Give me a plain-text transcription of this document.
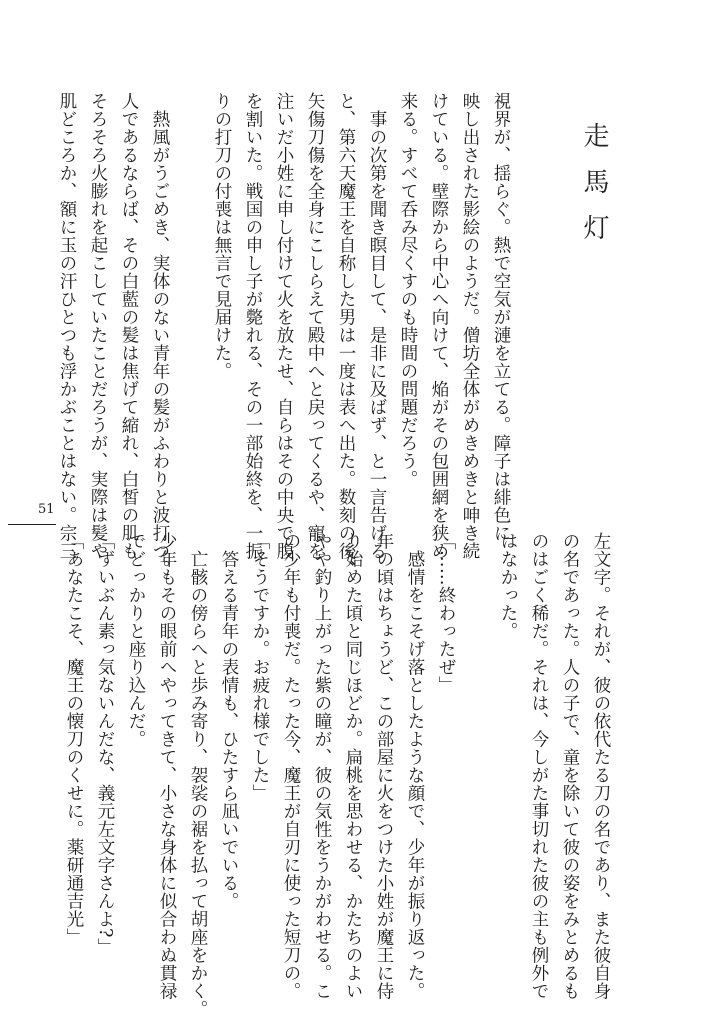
走馬灯

視界が、揺らぐ。熱で空気が漣を立てる。障子は緋色に

映し出された影絵のようだ。僧坊全体がめきめきと呻き続

けている。壁際から中心へ向けて、焔がその包囲網を狭め

来る。すべて呑み尽くすのも時間の問題だろう。

　事の次第を聞き瞑目して、是非に及ばず、と一言告げる

と、第六天魔王を自称した男は一度は表へ出た。数刻の後、

矢傷刀傷を全身にこしらえて殿中へと戻ってくるや、寵を

注いだ小姓に申し付けて火を放たせ、自らはその中央で腹

を割いた。戦国の申し子が斃れる、その一部始終を、一振

りの打刀の付喪は無言で見届けた。

　熱風がうごめき、実体のない青年の髪がふわりと波打つ。

人であるならば、その白藍の髪は焦げて縮れ、白皙の肌も

そろそろ火膨れを起こしていたことだろうが、実際は髪や

肌どころか、額に玉の汗ひとつも浮かぶことはない。宗三

51

左文字。それが、彼の依代たる刀の名であり、また彼自身

の名であった。人の子で、童を除いて彼の姿をみとめるも

のはごく稀だ。それは、今しがた事切れた彼の主も例外で

はなかった。

「……終わったぜ」

　感情をこそげ落としたような顔で、少年が振り返った。

年の頃はちょうど、この部屋に火をつけた小姓が魔王に侍

り始めた頃と同じほどか。扁桃を思わせる、かたちのよい

やや釣り上がった紫の瞳が、彼の気性をうかがわせる。こ

の少年も付喪だ。たった今、魔王が自刃に使った短刀の。

「そうですか。お疲れ様でした」

　答える青年の表情も、ひたすら凪いでいる。

　亡骸の傍らへと歩み寄り、袈裟の裾を払って胡座をかく。

少年もその眼前へやってきて、小さな身体に似合わぬ貫禄

でどっかりと座り込んだ。

「ずいぶん素っ気ないんだな、義元左文字さんよ?」

「あなたこそ、魔王の懐刀のくせに。薬研通吉光」
